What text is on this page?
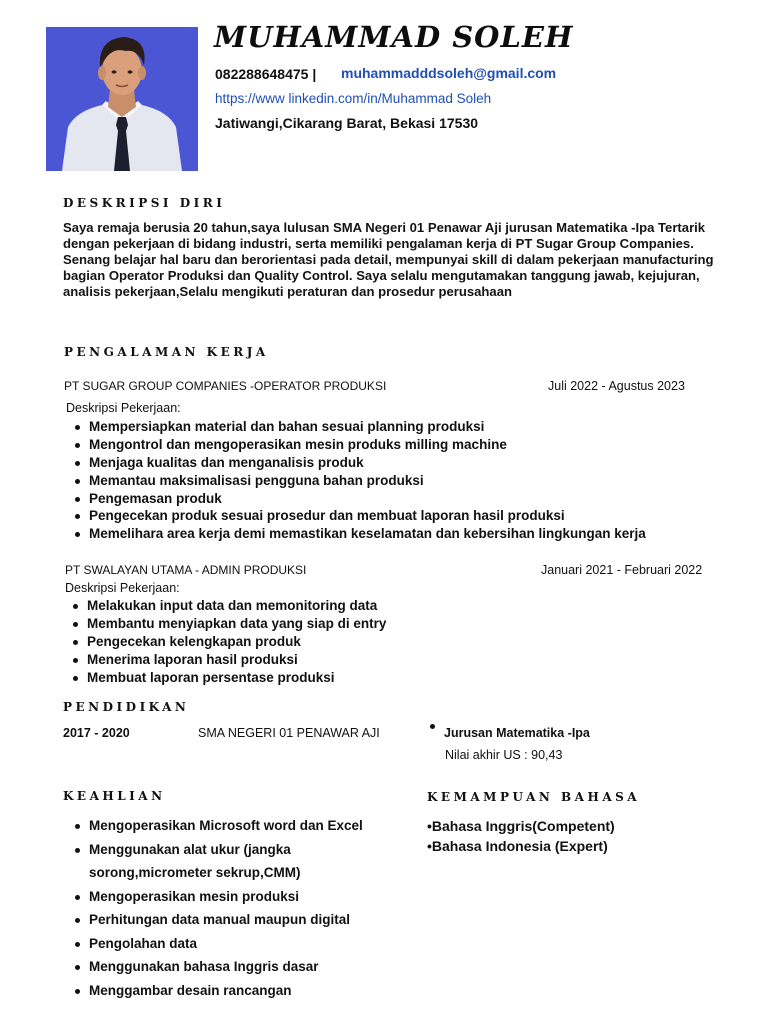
MUHAMMAD SOLEH
082288648475 | muhammadddsoleh@gmail.com
https://www linkedin.com/in/Muhammad Soleh
Jatiwangi,Cikarang Barat, Bekasi 17530
DESKRIPSI DIRI
Saya remaja berusia 20 tahun,saya lulusan SMA Negeri 01 Penawar Aji jurusan Matematika -Ipa Tertarik dengan pekerjaan di bidang industri, serta memiliki pengalaman kerja di PT Sugar Group Companies. Senang belajar hal baru dan berorientasi pada detail, mempunyai skill di dalam pekerjaan manufacturing bagian Operator Produksi dan Quality Control. Saya selalu mengutamakan tanggung jawab, kejujuran, analisis pekerjaan,Selalu mengikuti peraturan dan prosedur perusahaan
PENGALAMAN KERJA
PT SUGAR GROUP COMPANIES -OPERATOR PRODUKSI	Juli 2022 - Agustus 2023
Deskripsi Pekerjaan:
Mempersiapkan material dan bahan sesuai planning produksi
Mengontrol dan mengoperasikan mesin produks milling machine
Menjaga kualitas dan menganalisis produk
Memantau maksimalisasi pengguna bahan produksi
Pengemasan produk
Pengecekan produk sesuai prosedur dan membuat laporan hasil produksi
Memelihara area kerja demi memastikan keselamatan dan kebersihan lingkungan kerja
PT SWALAYAN UTAMA - ADMIN PRODUKSI	Januari 2021 - Februari 2022
Deskripsi Pekerjaan:
Melakukan input data dan memonitoring data
Membantu menyiapkan data yang siap di entry
Pengecekan kelengkapan produk
Menerima laporan hasil produksi
Membuat laporan persentase produksi
PENDIDIKAN
2017 - 2020	SMA NEGERI 01 PENAWAR AJI	Jurusan Matematika -Ipa
Nilai akhir US : 90,43
KEAHLIAN
Mengoperasikan Microsoft word dan Excel
Menggunakan alat ukur (jangka
sorong,micrometer sekrup,CMM)
Mengoperasikan mesin produksi
Perhitungan data manual maupun digital
Pengolahan data
Menggunakan bahasa Inggris dasar
Menggambar desain rancangan
KEMAMPUAN BAHASA
•Bahasa Inggris(Competent)
•Bahasa Indonesia (Expert)
